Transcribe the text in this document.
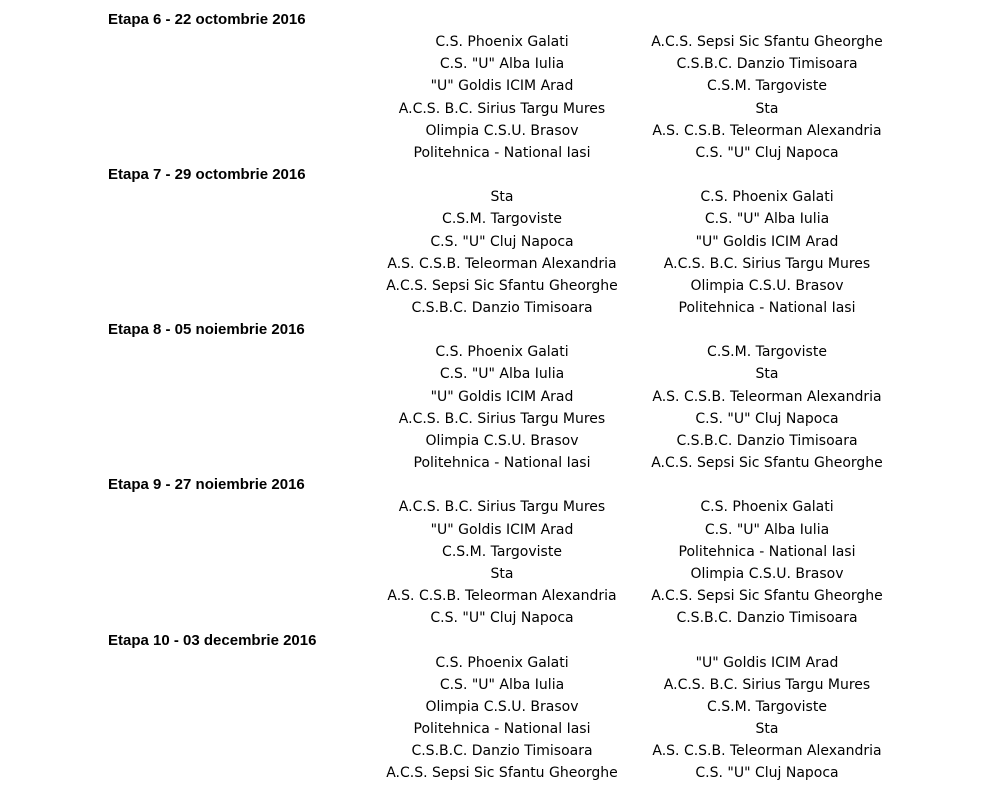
Etapa 6 - 22 octombrie 2016
C.S. Phoenix Galati	A.C.S. Sepsi Sic Sfantu Gheorghe
C.S. "U" Alba Iulia	C.S.B.C. Danzio Timisoara
"U" Goldis ICIM Arad	C.S.M. Targoviste
A.C.S. B.C. Sirius Targu Mures	Sta
Olimpia C.S.U. Brasov	A.S. C.S.B. Teleorman Alexandria
Politehnica - National Iasi	C.S. "U" Cluj Napoca
Etapa 7 - 29 octombrie 2016
Sta	C.S. Phoenix Galati
C.S.M. Targoviste	C.S. "U" Alba Iulia
C.S. "U" Cluj Napoca	"U" Goldis ICIM Arad
A.S. C.S.B. Teleorman Alexandria	A.C.S. B.C. Sirius Targu Mures
A.C.S. Sepsi Sic Sfantu Gheorghe	Olimpia C.S.U. Brasov
C.S.B.C. Danzio Timisoara	Politehnica - National Iasi
Etapa 8 - 05 noiembrie 2016
C.S. Phoenix Galati	C.S.M. Targoviste
C.S. "U" Alba Iulia	Sta
"U" Goldis ICIM Arad	A.S. C.S.B. Teleorman Alexandria
A.C.S. B.C. Sirius Targu Mures	C.S. "U" Cluj Napoca
Olimpia C.S.U. Brasov	C.S.B.C. Danzio Timisoara
Politehnica - National Iasi	A.C.S. Sepsi Sic Sfantu Gheorghe
Etapa 9 - 27 noiembrie 2016
A.C.S. B.C. Sirius Targu Mures	C.S. Phoenix Galati
"U" Goldis ICIM Arad	C.S. "U" Alba Iulia
C.S.M. Targoviste	Politehnica - National Iasi
Sta	Olimpia C.S.U. Brasov
A.S. C.S.B. Teleorman Alexandria	A.C.S. Sepsi Sic Sfantu Gheorghe
C.S. "U" Cluj Napoca	C.S.B.C. Danzio Timisoara
Etapa 10 - 03 decembrie 2016
C.S. Phoenix Galati	"U" Goldis ICIM Arad
C.S. "U" Alba Iulia	A.C.S. B.C. Sirius Targu Mures
Olimpia C.S.U. Brasov	C.S.M. Targoviste
Politehnica - National Iasi	Sta
C.S.B.C. Danzio Timisoara	A.S. C.S.B. Teleorman Alexandria
A.C.S. Sepsi Sic Sfantu Gheorghe	C.S. "U" Cluj Napoca
